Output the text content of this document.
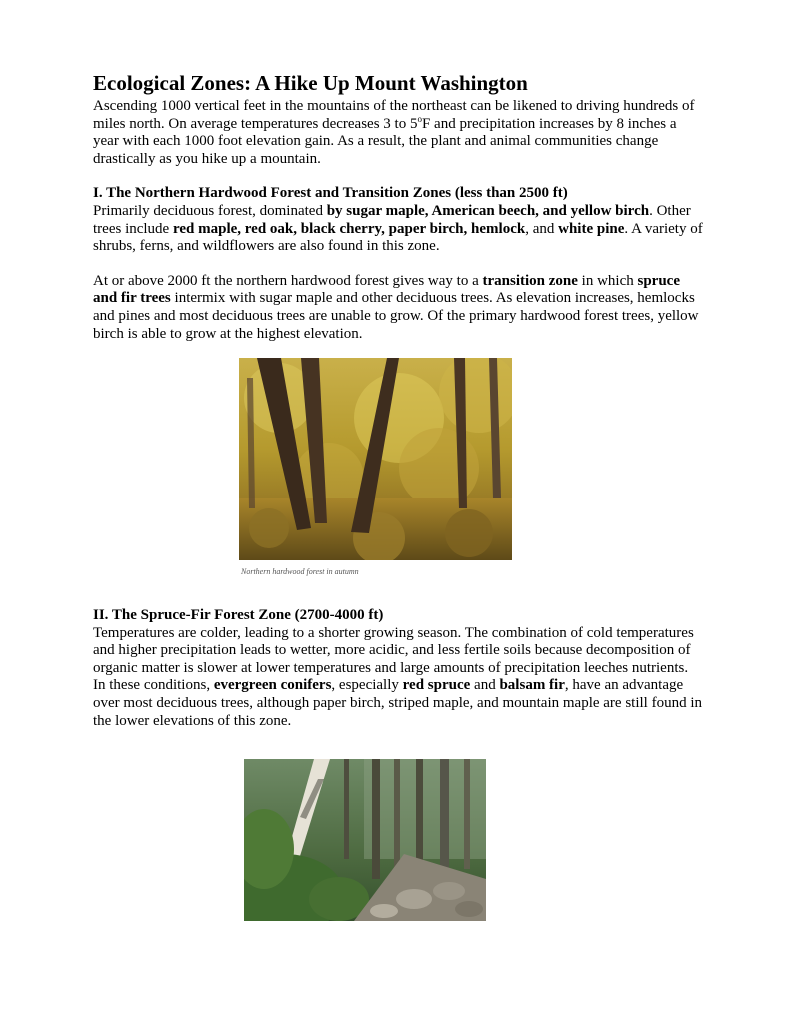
Ecological Zones: A Hike Up Mount Washington

Ascending 1000 vertical feet in the mountains of the northeast can be likened to driving hundreds of miles north. On average temperatures decreases 3 to 5$^o$F and precipitation increases by 8 inches a year with each 1000 foot elevation gain. As a result, the plant and animal communities change drastically as you hike up a mountain.

I. The Northern Hardwood Forest and Transition Zones (less than 2500 ft)

Primarily deciduous forest, dominated by sugar maple, American beech, and yellow birch. Other trees include red maple, red oak, black cherry, paper birch, hemlock, and white pine. A variety of shrubs, ferns, and wildflowers are also found in this zone.

At or above 2000 ft the northern hardwood forest gives way to a transition zone in which spruce and fir trees intermix with sugar maple and other deciduous trees. As elevation increases, hemlocks and pines and most deciduous trees are unable to grow. Of the primary hardwood forest trees, yellow birch is able to grow at the highest elevation.

Northern hardwood forest in autumn

II. The Spruce-Fir Forest Zone (2700-4000 ft)

Temperatures are colder, leading to a shorter growing season. The combination of cold temperatures and higher precipitation leads to wetter, more acidic, and less fertile soils because decomposition of organic matter is slower at lower temperatures and large amounts of precipitation leeches nutrients. In these conditions, evergreen conifers, especially red spruce and balsam fir, have an advantage over most deciduous trees, although paper birch, striped maple, and mountain maple are still found in the lower elevations of this zone.
